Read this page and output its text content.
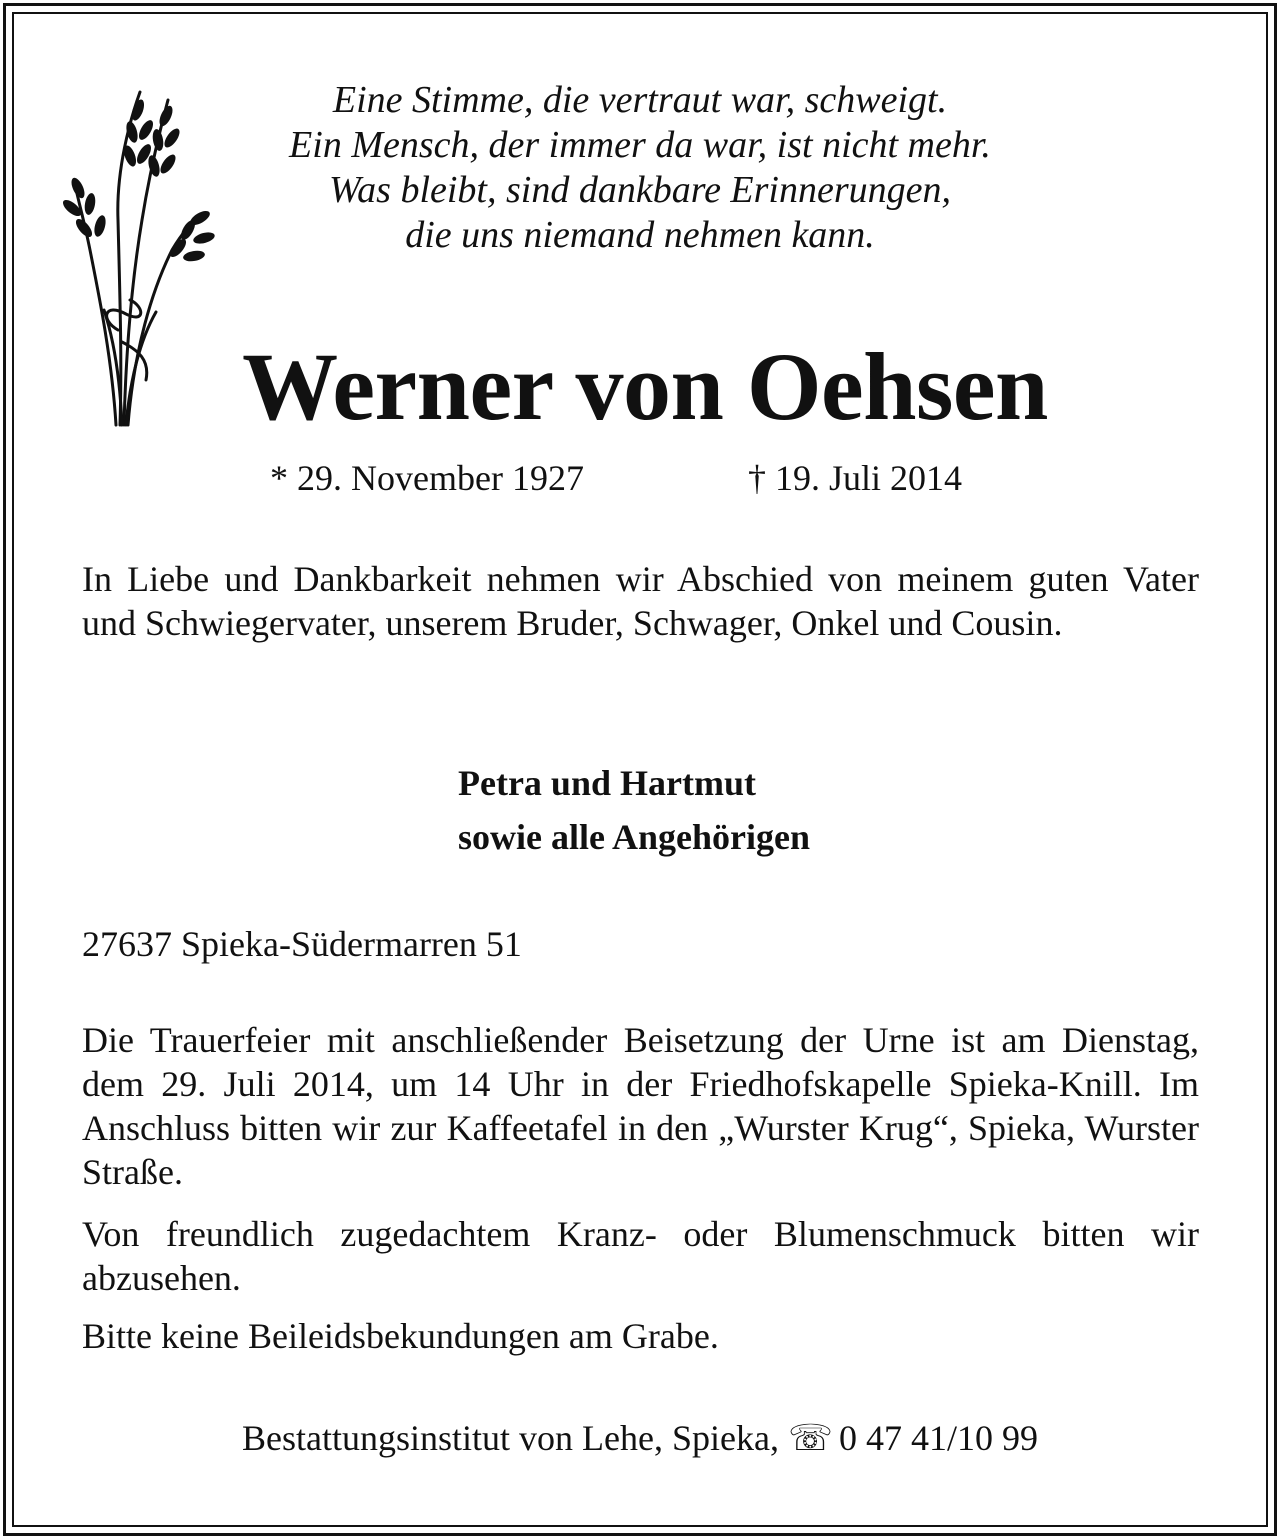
Eine Stimme, die vertraut war, schweigt.

Ein Mensch, der immer da war, ist nicht mehr.

Was bleibt, sind dankbare Erinnerungen,

die uns niemand nehmen kann.

Werner von Oehsen
* 29. November 1927	† 19. Juli 2014

In Liebe und Dankbarkeit nehmen wir Abschied von meinem guten Vater und Schwiegervater, unserem Bruder, Schwager, Onkel und Cousin.

Petra und Hartmut
sowie alle Angehörigen
27637 Spieka-Südermarren 51

Die Trauerfeier mit anschließender Beisetzung der Urne ist am Dienstag, dem 29. Juli 2014, um 14 Uhr in der Friedhofskapelle Spieka-Knill. Im Anschluss bitten wir zur Kaffeetafel in den „Wurster Krug“, Spieka, Wurster Straße.

Von freundlich zugedachtem Kranz- oder Blumenschmuck bitten wir abzusehen.

Bitte keine Beileidsbekundungen am Grabe.

Bestattungsinstitut von Lehe, Spieka, ☏ 0 47 41/10 99
